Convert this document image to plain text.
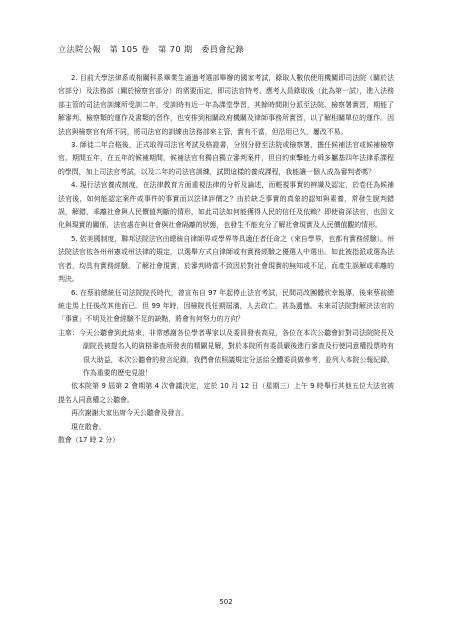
立法院公報　第 105 卷　第 70 期　委員會紀錄

2. 目前大學法律系或相關科系畢業生通過考選部舉辦的國家考試，錄取人數依使用機關即司法院（關於法官部分）及法務部（關於檢察官部分）的需要而定，即司法官特考。應考人員錄取後（此為第一試），進入法務部主管的司法官訓練所受訓二年，受訓時有近一年為課堂學習，其餘時間則分派至法院、檢察署實習，期能了解審判、檢察類的運作及書類的習作，也安排到相關政府機關及律師事務所實習，以了解相關單位的運作。因法官與檢察官有所不同，將司法官的訓練由法務部來主管，實有不當，但沿用已久，屢改不易。

3. 師徒二年合格後，正式取得司法官考試及格證書，分別分發至法院或檢察署，擔任候補法官或候補檢察官。期間五年，在五年的候補期間，候補法官有獨自獨立審判案件，但自約束擊能力舜多屬基四年法律系課程的學問，加上司法官考試，以及二年的司法官訓練，試問這樣的養成課程，我能讓一個人成為審判者嗎？

4. 現行法官養成制度，在法律教育方面重視法律的分析及論述，而輕視事實的辨識及認定，於卷任為候補法官後，如何能認定案件或事件的事實而以法律評價之？由於缺乏事實的真象的認知與素養，常發生脫判錯誤，解錯，乖離社會與人民價值判斷的情形，如此司法如何能獲得人民的信任及依賴？即使資深法官，也因文化與現實的關係，法官處在與社會與社會隔離的狀態，也發生不能充分了解社會現實及人民價值觀的情形。

5. 依美國制度，聯邦法院法官由總統自律師界或學界等具適任者任命之（來自學界，也都有實務經驗）。州法院法官依各州州憲或州法律的規定，以選舉方式自律師或有實務經驗之優選人中選出。如此被指派或選為法官者，均具有實務經驗、了解社會現實，於審判時當不致因於對社會現實的無知或不足，而產生誤解或乖離的判決。

6. 在蔡前總統任司法院院長時代，曾宣布自 97 年起停止法官考試，民間司改團體欣幸報導，後來蔡前總統走馬上任後改其他而已。但 99 年時，因檢院長任期屆滿，人去政亡，甚為遺憾。未來司法院對解決法官的「事實」不明及社會經驗不足的缺點，將會有何努力的方向？

主席：今天公聽會到此結束，非常感謝各位學者專家以及委員發表高見，各位在本次公聽會針對司法院院長及副院長被提名人的資格審查所發表的精闢見解，對於本院所有委員嚴後進行審查及行使同意權投票時有很大助益，本次公聽會的發言紀錄，我們會依照議規定分送給全體委員做參考，並列入本院公報紀錄，作為重要的歷史見證！

依本院第 9 屆第 2 會期第 4 次會議決定，定於 10 月 12 日（星期三）上午 9 時舉行其他五位大法官被提名人同意權之公聽會。

再次謝謝大家出席今天公聽會及發言。

現在散會。

散會（17 時 2 分）

502
